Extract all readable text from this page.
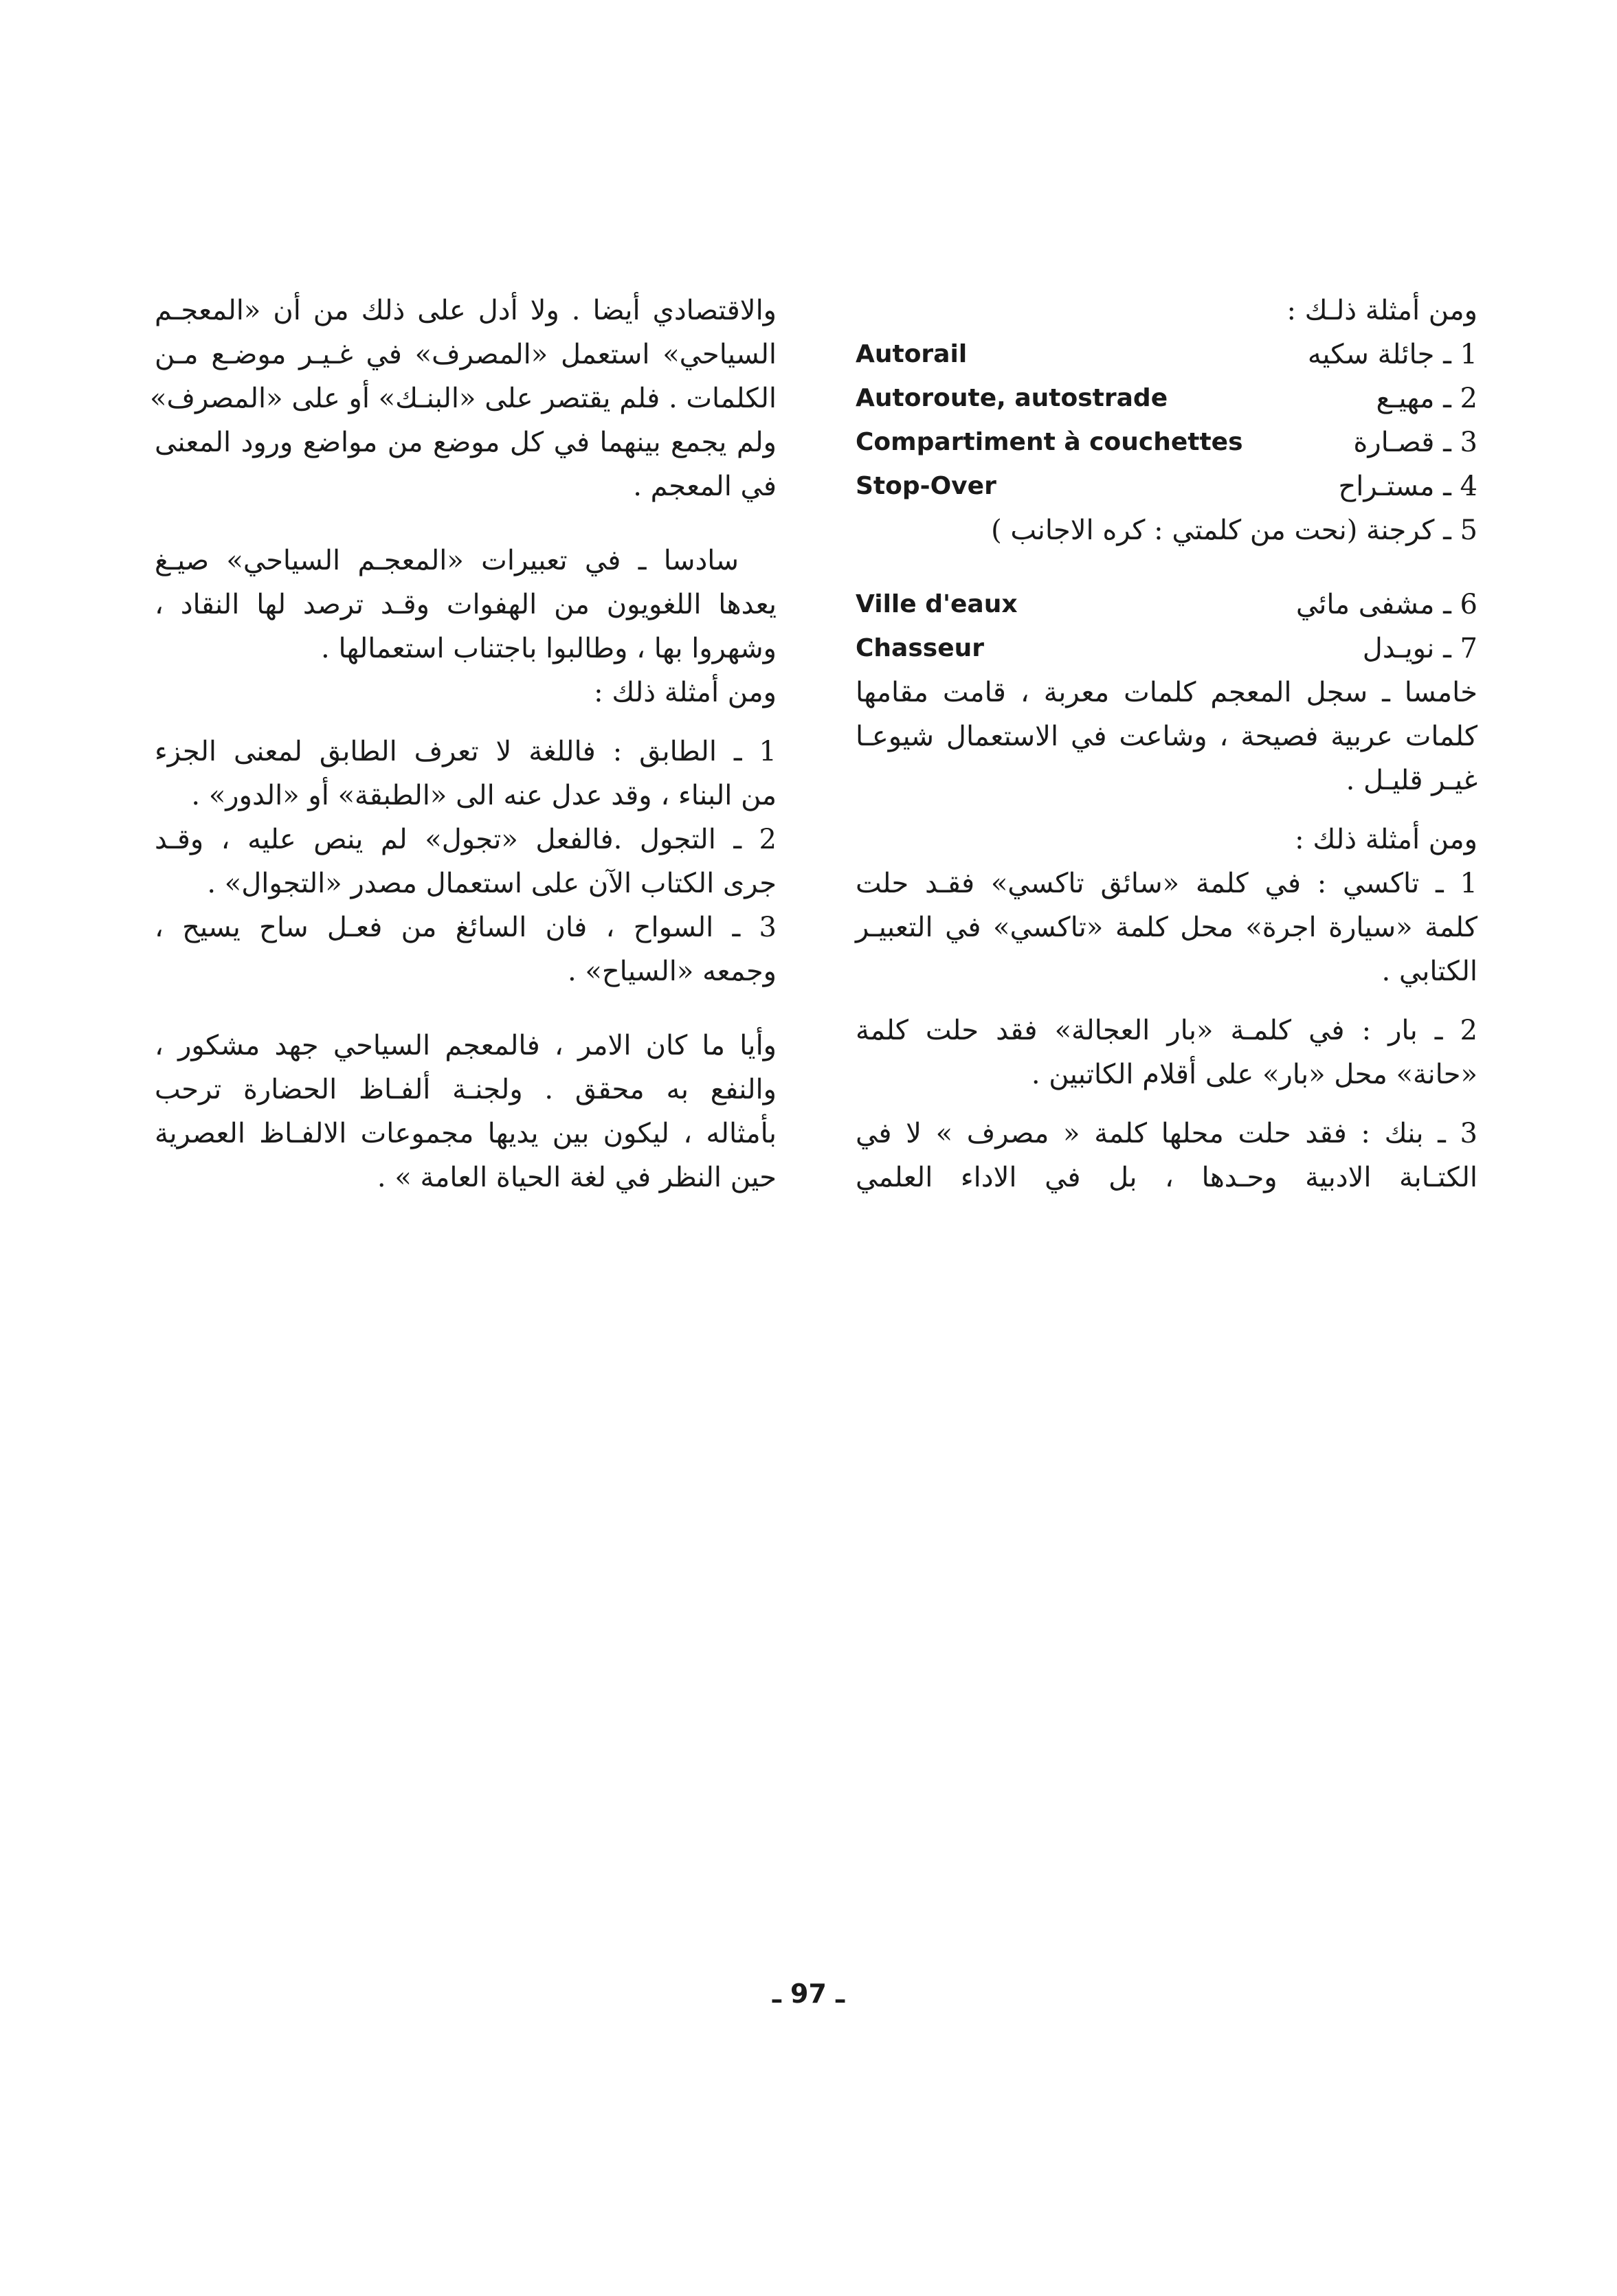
ومن أمثلة ذلـك :
1 ـ جائلة سكيه
Autorail
2 ـ مهيـع
Autoroute, autostrade
3 ـ قصـارة
Compartiment à couchettes
4 ـ مستـراح
Stop-Over
5 ـ كرجنة (نحت من كلمتي : كره الاجانب )
6 ـ مشفى مائي
Ville d'eaux
7 ـ نويـدل
Chasseur
خامسا ـ سجل المعجم كلمات معربة ، قامت مقامها
كلمات عربية فصيحة ، وشاعت في الاستعمال شيوعـا
غيـر قليـل .
ومن أمثلة ذلك :
1 ـ تاكسي : في كلمة «سائق تاكسي» فقـد حلت
كلمة «سيارة اجرة» محل كلمة «تاكسي» في التعبيـر
الكتابي .
2 ـ بار : في كلمـة «بار العجالة» فقد حلت كلمة
«حانة» محل «بار» على أقلام الكاتبين .
3 ـ بنك : فقد حلت محلها كلمة « مصرف » لا في
الكتـابة الادبية وحـدها ، بل في الاداء العلمي
والاقتصادي أيضا . ولا أدل على ذلك من أن «المعجـم
السياحي» استعمل «المصرف» في غـيـر موضـع مـن
الكلمات . فلم يقتصر على «البنـك» أو على «المصرف»
ولم يجمع بينهما في كل موضع من مواضع ورود المعنى
في المعجم .
سادسا ـ في تعبيرات «المعجـم السياحي» صيـغ
يعدها اللغويون من الهفوات وقـد ترصد لها النقاد ،
وشهروا بها ، وطالبوا باجتناب استعمالها .
ومن أمثلة ذلك :
1 ـ الطابق : فاللغة لا تعرف الطابق لمعنى الجزء
من البناء ، وقد عدل عنه الى «الطبقة» أو «الدور» .
2 ـ التجول .فالفعل «تجول» لم ينص عليه ، وقـد
جرى الكتاب الآن على استعمال مصدر «التجوال» .
3 ـ السواح ، فان السائغ من فعـل ساح يسيح ،
وجمعه «السياح» .
وأيا ما كان الامر ، فالمعجم السياحي جهد مشكور ،
والنفع به محقق . ولجنـة ألفـاظ الحضارة ترحب
بأمثاله ، ليكون بين يديها مجموعات الالفـاظ العصرية
حين النظر في لغة الحياة العامة » .
ـ 97 ـ
